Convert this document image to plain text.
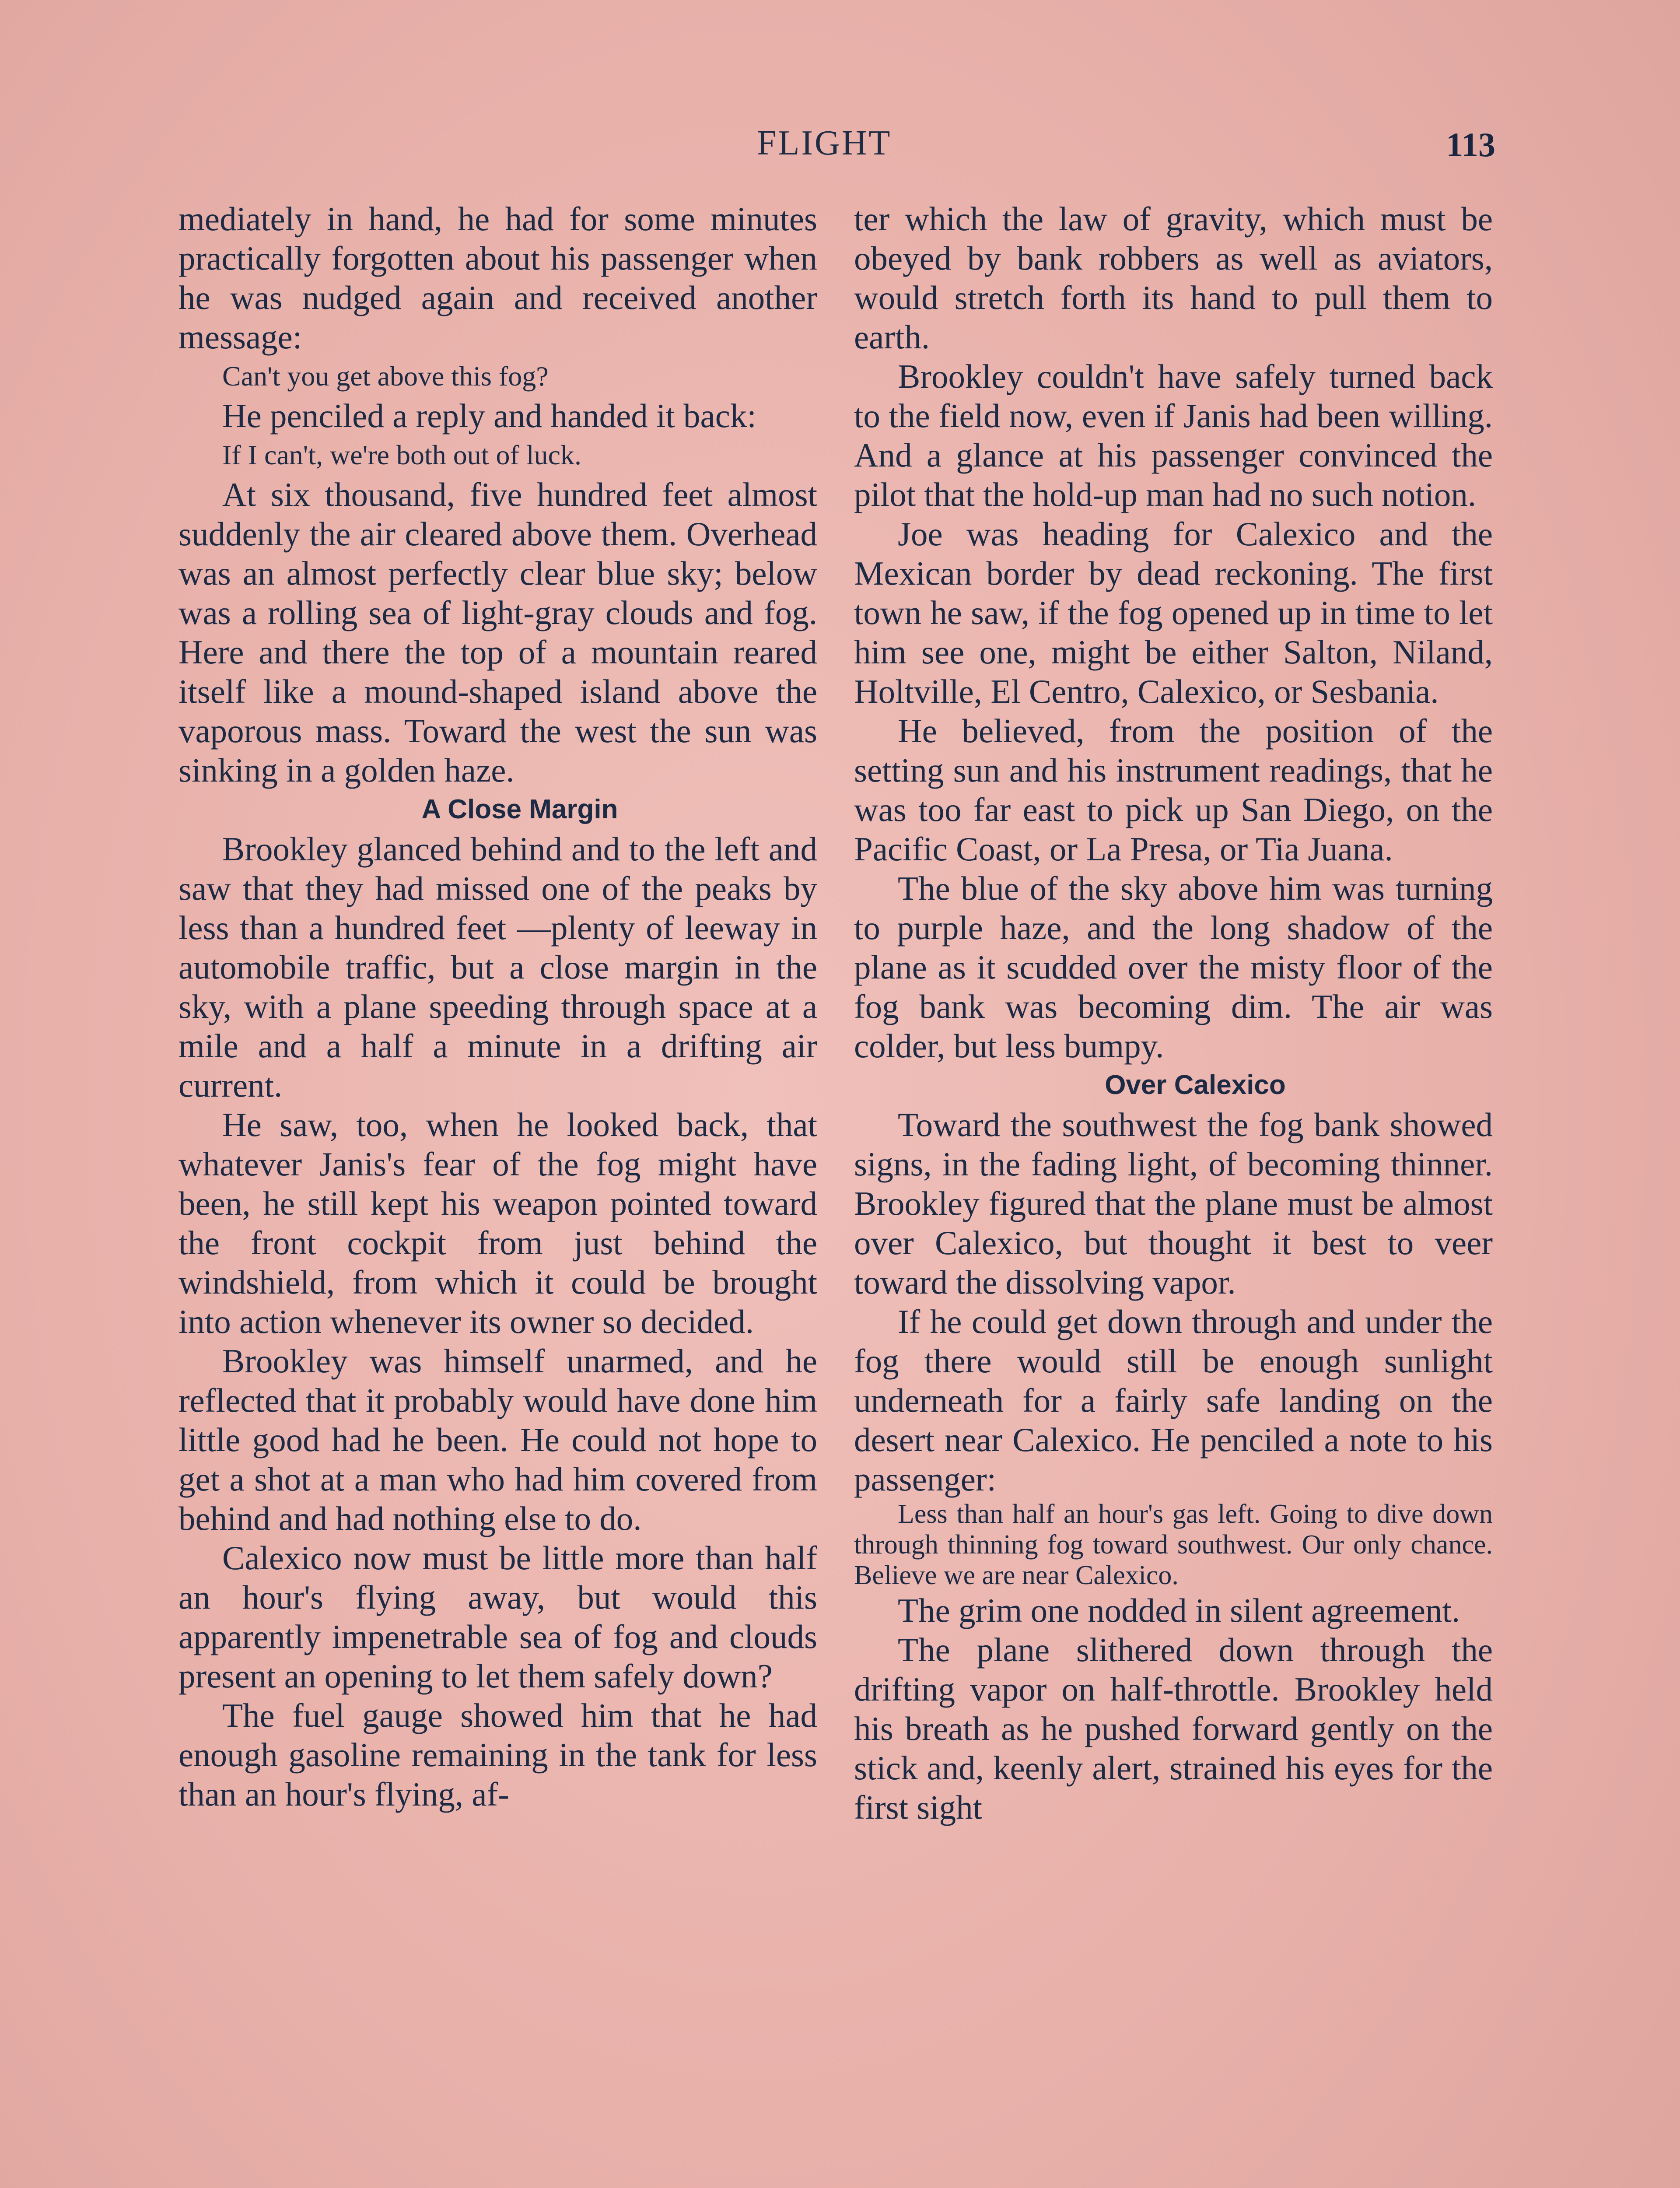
FLIGHT	113

mediately in hand, he had for some minutes practically forgotten about his passenger when he was nudged again and received another message:

Can't you get above this fog?

He penciled a reply and handed it back:

If I can't, we're both out of luck.

At six thousand, five hundred feet almost suddenly the air cleared above them. Overhead was an almost perfectly clear blue sky; below was a rolling sea of light-gray clouds and fog. Here and there the top of a mountain reared itself like a mound-shaped island above the vaporous mass. Toward the west the sun was sinking in a golden haze.

A Close Margin

Brookley glanced behind and to the left and saw that they had missed one of the peaks by less than a hundred feet —plenty of leeway in automobile traffic, but a close margin in the sky, with a plane speeding through space at a mile and a half a minute in a drifting air current.

He saw, too, when he looked back, that whatever Janis's fear of the fog might have been, he still kept his weapon pointed toward the front cockpit from just behind the windshield, from which it could be brought into action whenever its owner so decided.

Brookley was himself unarmed, and he reflected that it probably would have done him little good had he been. He could not hope to get a shot at a man who had him covered from behind and had nothing else to do.

Calexico now must be little more than half an hour's flying away, but would this apparently impenetrable sea of fog and clouds present an opening to let them safely down?

The fuel gauge showed him that he had enough gasoline remaining in the tank for less than an hour's flying, af-

ter which the law of gravity, which must be obeyed by bank robbers as well as aviators, would stretch forth its hand to pull them to earth.

Brookley couldn't have safely turned back to the field now, even if Janis had been willing. And a glance at his passenger convinced the pilot that the hold-up man had no such notion.

Joe was heading for Calexico and the Mexican border by dead reckoning. The first town he saw, if the fog opened up in time to let him see one, might be either Salton, Niland, Holtville, El Centro, Calexico, or Sesbania.

He believed, from the position of the setting sun and his instrument readings, that he was too far east to pick up San Diego, on the Pacific Coast, or La Presa, or Tia Juana.

The blue of the sky above him was turning to purple haze, and the long shadow of the plane as it scudded over the misty floor of the fog bank was becoming dim. The air was colder, but less bumpy.

Over Calexico

Toward the southwest the fog bank showed signs, in the fading light, of becoming thinner. Brookley figured that the plane must be almost over Calexico, but thought it best to veer toward the dissolving vapor.

If he could get down through and under the fog there would still be enough sunlight underneath for a fairly safe landing on the desert near Calexico. He penciled a note to his passenger:

Less than half an hour's gas left. Going to dive down through thinning fog toward southwest. Our only chance. Believe we are near Calexico.

The grim one nodded in silent agreement.

The plane slithered down through the drifting vapor on half-throttle. Brookley held his breath as he pushed forward gently on the stick and, keenly alert, strained his eyes for the first sight
